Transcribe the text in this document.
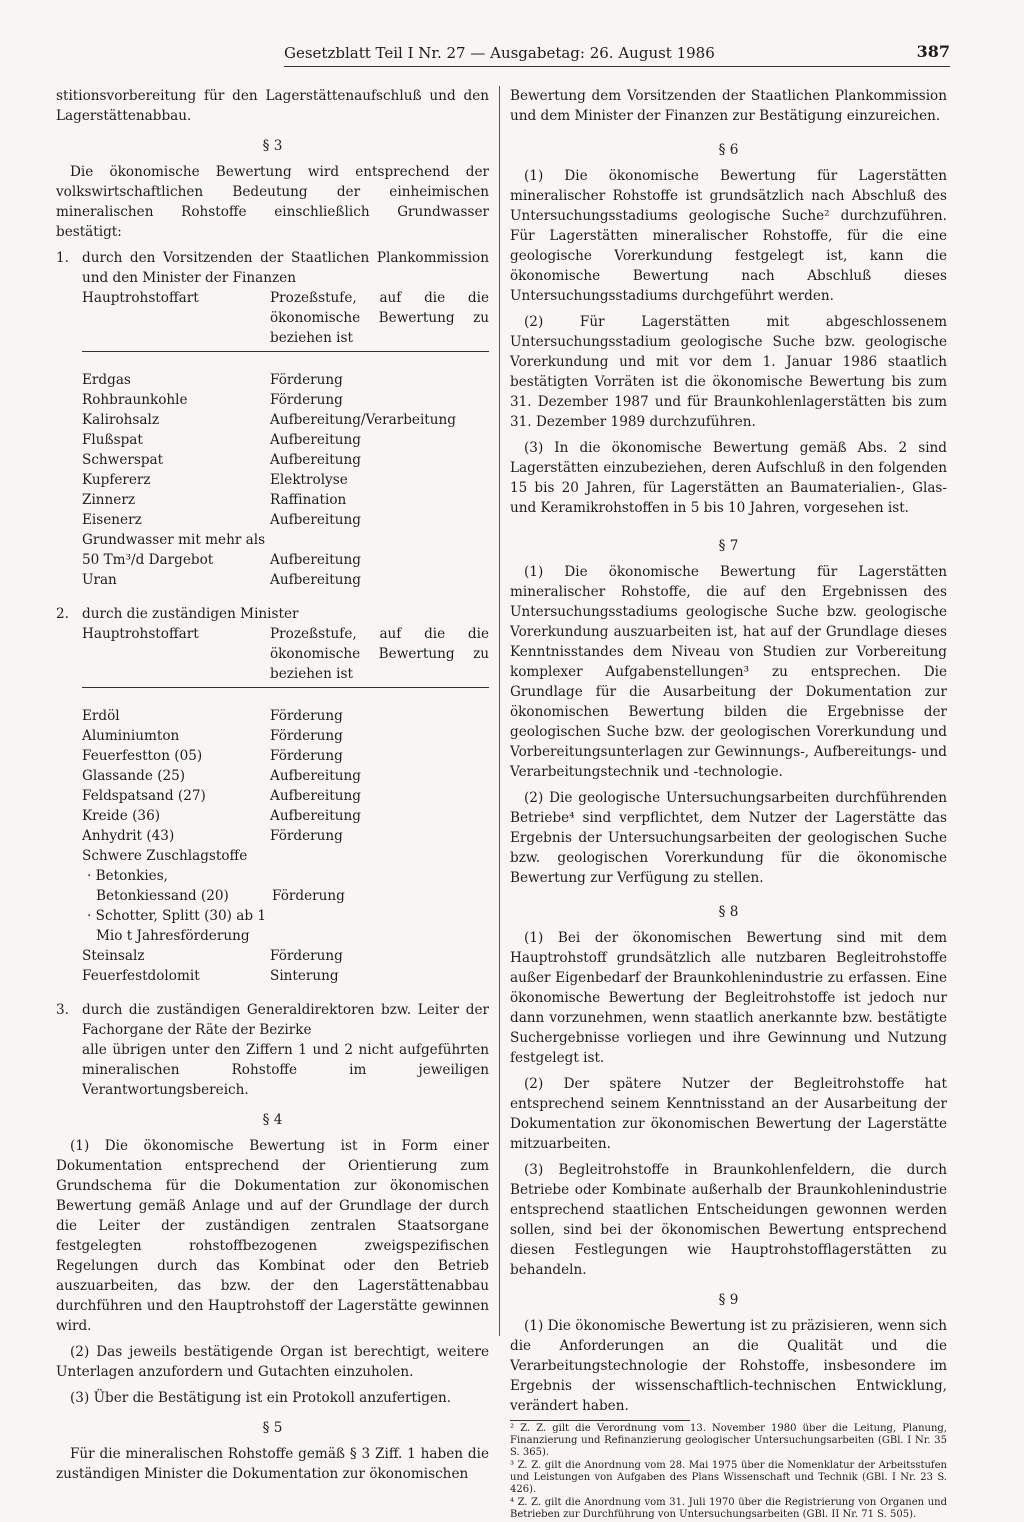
Gesetzblatt Teil I Nr. 27 — Ausgabetag: 26. August 1986	387

stitionsvorbereitung für den Lagerstättenaufschluß und den Lagerstättenabbau.

§ 3

Die ökonomische Bewertung wird entsprechend der volkswirtschaftlichen Bedeutung der einheimischen mineralischen Rohstoffe einschließlich Grundwasser bestätigt:

1. durch den Vorsitzenden der Staatlichen Plankommission und den Minister der Finanzen
Hauptrohstoffart	Prozeßstufe, auf die die ökonomische Bewertung zu beziehen ist
Erdgas	Förderung
Rohbraunkohle	Förderung
Kalirohsalz	Aufbereitung/Verarbeitung
Flußspat	Aufbereitung
Schwerspat	Aufbereitung
Kupfererz	Elektrolyse
Zinnerz	Raffination
Eisenerz	Aufbereitung
Grundwasser mit mehr als 50 Tm³/d Dargebot	Aufbereitung
Uran	Aufbereitung
2. durch die zuständigen Minister
Hauptrohstoffart	Prozeßstufe, auf die die ökonomische Bewertung zu beziehen ist
Erdöl	Förderung
Aluminiumton	Förderung
Feuerfestton (05)	Förderung
Glassande (25)	Aufbereitung
Feldspatsand (27)	Aufbereitung
Kreide (36)	Aufbereitung
Anhydrit (43)	Förderung
Schwere Zuschlagstoffe
· Betonkies, Betonkiessand (20)	Förderung
· Schotter, Splitt (30) ab 1 Mio t Jahresförderung
Steinsalz	Förderung
Feuerfestdolomit	Sinterung
3. durch die zuständigen Generaldirektoren bzw. Leiter der Fachorgane der Räte der Bezirke

alle übrigen unter den Ziffern 1 und 2 nicht aufgeführten mineralischen Rohstoffe im jeweiligen Verantwortungsbereich.

§ 4

(1) Die ökonomische Bewertung ist in Form einer Dokumentation entsprechend der Orientierung zum Grundschema für die Dokumentation zur ökonomischen Bewertung gemäß Anlage und auf der Grundlage der durch die Leiter der zuständigen zentralen Staatsorgane festgelegten rohstoffbezogenen zweigspezifischen Regelungen durch das Kombinat oder den Betrieb auszuarbeiten, das bzw. der den Lagerstättenabbau durchführen und den Hauptrohstoff der Lagerstätte gewinnen wird.

(2) Das jeweils bestätigende Organ ist berechtigt, weitere Unterlagen anzufordern und Gutachten einzuholen.

(3) Über die Bestätigung ist ein Protokoll anzufertigen.

§ 5

Für die mineralischen Rohstoffe gemäß § 3 Ziff. 1 haben die zuständigen Minister die Dokumentation zur ökonomischen

Bewertung dem Vorsitzenden der Staatlichen Plankommission und dem Minister der Finanzen zur Bestätigung einzureichen.

§ 6

(1) Die ökonomische Bewertung für Lagerstätten mineralischer Rohstoffe ist grundsätzlich nach Abschluß des Untersuchungsstadiums geologische Suche² durchzuführen. Für Lagerstätten mineralischer Rohstoffe, für die eine geologische Vorerkundung festgelegt ist, kann die ökonomische Bewertung nach Abschluß dieses Untersuchungsstadiums durchgeführt werden.

(2) Für Lagerstätten mit abgeschlossenem Untersuchungsstadium geologische Suche bzw. geologische Vorerkundung und mit vor dem 1. Januar 1986 staatlich bestätigten Vorräten ist die ökonomische Bewertung bis zum 31. Dezember 1987 und für Braunkohlenlagerstätten bis zum 31. Dezember 1989 durchzuführen.

(3) In die ökonomische Bewertung gemäß Abs. 2 sind Lagerstätten einzubeziehen, deren Aufschluß in den folgenden 15 bis 20 Jahren, für Lagerstätten an Baumaterialien-, Glas- und Keramikrohstoffen in 5 bis 10 Jahren, vorgesehen ist.

§ 7

(1) Die ökonomische Bewertung für Lagerstätten mineralischer Rohstoffe, die auf den Ergebnissen des Untersuchungsstadiums geologische Suche bzw. geologische Vorerkundung auszuarbeiten ist, hat auf der Grundlage dieses Kenntnisstandes dem Niveau von Studien zur Vorbereitung komplexer Aufgabenstellungen³ zu entsprechen. Die Grundlage für die Ausarbeitung der Dokumentation zur ökonomischen Bewertung bilden die Ergebnisse der geologischen Suche bzw. der geologischen Vorerkundung und Vorbereitungsunterlagen zur Gewinnungs-, Aufbereitungs- und Verarbeitungstechnik und -technologie.

(2) Die geologische Untersuchungsarbeiten durchführenden Betriebe⁴ sind verpflichtet, dem Nutzer der Lagerstätte das Ergebnis der Untersuchungsarbeiten der geologischen Suche bzw. geologischen Vorerkundung für die ökonomische Bewertung zur Verfügung zu stellen.

§ 8

(1) Bei der ökonomischen Bewertung sind mit dem Hauptrohstoff grundsätzlich alle nutzbaren Begleitrohstoffe außer Eigenbedarf der Braunkohlenindustrie zu erfassen. Eine ökonomische Bewertung der Begleitrohstoffe ist jedoch nur dann vorzunehmen, wenn staatlich anerkannte bzw. bestätigte Suchergebnisse vorliegen und ihre Gewinnung und Nutzung festgelegt ist.

(2) Der spätere Nutzer der Begleitrohstoffe hat entsprechend seinem Kenntnisstand an der Ausarbeitung der Dokumentation zur ökonomischen Bewertung der Lagerstätte mitzuarbeiten.

(3) Begleitrohstoffe in Braunkohlenfeldern, die durch Betriebe oder Kombinate außerhalb der Braunkohlenindustrie entsprechend staatlichen Entscheidungen gewonnen werden sollen, sind bei der ökonomischen Bewertung entsprechend diesen Festlegungen wie Hauptrohstofflagerstätten zu behandeln.

§ 9

(1) Die ökonomische Bewertung ist zu präzisieren, wenn sich die Anforderungen an die Qualität und die Verarbeitungstechnologie der Rohstoffe, insbesondere im Ergebnis der wissenschaftlich-technischen Entwicklung, verändert haben.

² Z. Z. gilt die Verordnung vom 13. November 1980 über die Leitung, Planung, Finanzierung und Refinanzierung geologischer Untersuchungsarbeiten (GBl. I Nr. 35 S. 365).

³ Z. Z. gilt die Anordnung vom 28. Mai 1975 über die Nomenklatur der Arbeitsstufen und Leistungen von Aufgaben des Plans Wissenschaft und Technik (GBl. I Nr. 23 S. 426).

⁴ Z. Z. gilt die Anordnung vom 31. Juli 1970 über die Registrierung von Organen und Betrieben zur Durchführung von Untersuchungsarbeiten (GBl. II Nr. 71 S. 505).
